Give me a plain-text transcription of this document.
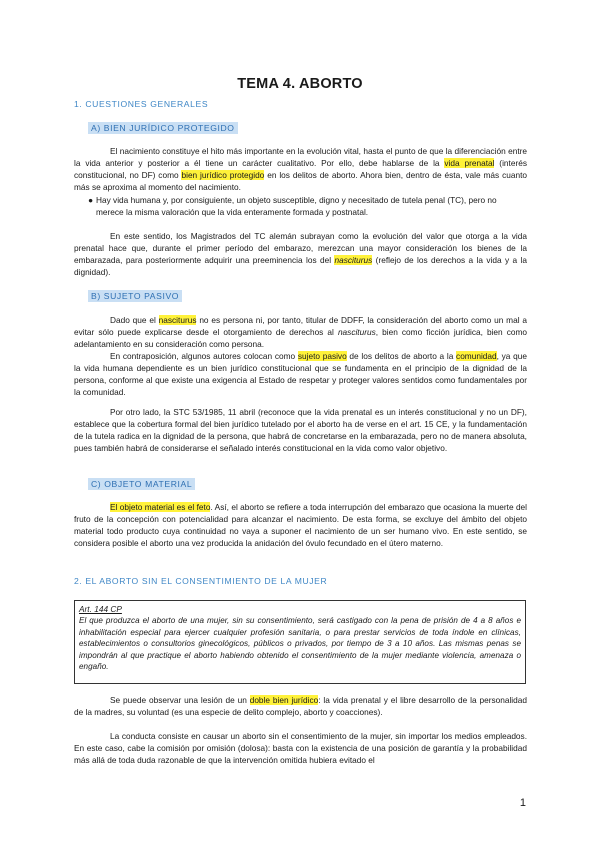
TEMA 4. ABORTO
1. CUESTIONES GENERALES
A) BIEN JURÍDICO PROTEGIDO

El nacimiento constituye el hito más importante en la evolución vital, hasta el punto de que la diferenciación entre la vida anterior y posterior a él tiene un carácter cualitativo. Por ello, debe hablarse de la vida prenatal (interés constitucional, no DF) como bien jurídico protegido en los delitos de aborto. Ahora bien, dentro de ésta, vale más cuanto más se aproxima al momento del nacimiento.

● Hay vida humana y, por consiguiente, un objeto susceptible, digno y necesitado de tutela penal (TC), pero no merece la misma valoración que la vida enteramente formada y postnatal.

En este sentido, los Magistrados del TC alemán subrayan como la evolución del valor que otorga a la vida prenatal hace que, durante el primer período del embarazo, merezcan una mayor consideración los bienes de la embarazada, para posteriormente adquirir una preeminencia los del nasciturus (reflejo de los derechos a la vida y a la dignidad).

B) SUJETO PASIVO

Dado que el nasciturus no es persona ni, por tanto, titular de DDFF, la consideración del aborto como un mal a evitar sólo puede explicarse desde el otorgamiento de derechos al nasciturus, bien como ficción jurídica, bien como adelantamiento en su consideración como persona.

En contraposición, algunos autores colocan como sujeto pasivo de los delitos de aborto a la comunidad, ya que la vida humana dependiente es un bien jurídico constitucional que se fundamenta en el principio de la dignidad de la persona, conforme al que existe una exigencia al Estado de respetar y proteger valores sentidos como fundamentales por la comunidad.

Por otro lado, la STC 53/1985, 11 abril (reconoce que la vida prenatal es un interés constitucional y no un DF), establece que la cobertura formal del bien jurídico tutelado por el aborto ha de verse en el art. 15 CE, y la fundamentación de la tutela radica en la dignidad de la persona, que habrá de concretarse en la embarazada, pero no de manera absoluta, pues también habrá de considerarse el señalado interés constitucional en la vida como valor objetivo.

C) OBJETO MATERIAL

El objeto material es el feto. Así, el aborto se refiere a toda interrupción del embarazo que ocasiona la muerte del fruto de la concepción con potencialidad para alcanzar el nacimiento. De esta forma, se excluye del ámbito del objeto material todo producto cuya continuidad no vaya a suponer el nacimiento de un ser humano vivo. En este sentido, se considera posible el aborto una vez producida la anidación del óvulo fecundado en el útero materno.

2. EL ABORTO SIN EL CONSENTIMIENTO DE LA MUJER
Art. 144 CP

El que produzca el aborto de una mujer, sin su consentimiento, será castigado con la pena de prisión de 4 a 8 años e inhabilitación especial para ejercer cualquier profesión sanitaria, o para prestar servicios de toda índole en clínicas, establecimientos o consultorios ginecológicos, públicos o privados, por tiempo de 3 a 10 años. Las mismas penas se impondrán al que practique el aborto habiendo obtenido el consentimiento de la mujer mediante violencia, amenaza o engaño.

Se puede observar una lesión de un doble bien jurídico: la vida prenatal y el libre desarrollo de la personalidad de la madres, su voluntad (es una especie de delito complejo, aborto y coacciones).

La conducta consiste en causar un aborto sin el consentimiento de la mujer, sin importar los medios empleados. En este caso, cabe la comisión por omisión (dolosa): basta con la existencia de una posición de garantía y la probabilidad más allá de toda duda razonable de que la intervención omitida hubiera evitado el

1
